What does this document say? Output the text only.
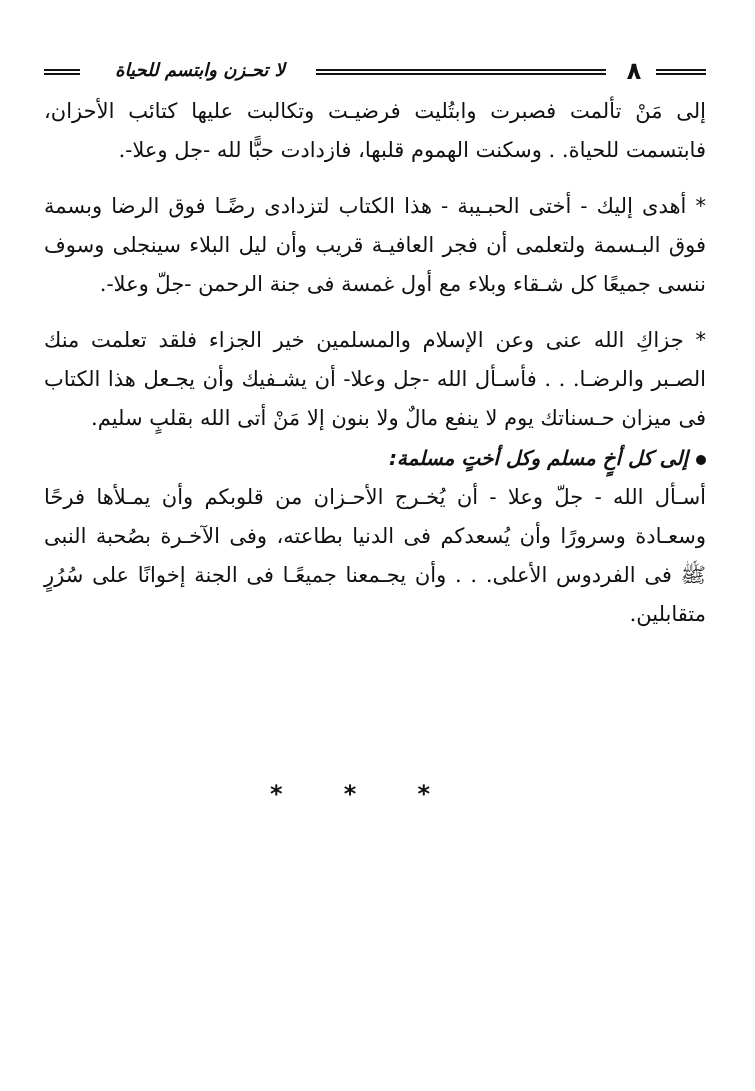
لا تحـزن وابتسم للحياة	٨

إلى مَنْ تألمت فصبرت وابتُليت فرضيـت وتكالبت عليها كتائب الأحزان، فابتسمت للحياة. . وسكنت الهموم قلبها، فازدادت حبًّا لله -جل وعلا-.

* أهدى إليك - أختى الحبـيبة - هذا الكتاب لتزدادى رضًـا فوق الرضا وبسمة فوق البـسمة ولتعلمى أن فجر العافيـة قريب وأن ليل البلاء سينجلى وسوف ننسى جميعًا كل شـقاء وبلاء مع أول غمسة فى جنة الرحمن -جلّ وعلا-.

* جزاكِ الله عنى وعن الإسلام والمسلمين خير الجزاء فلقد تعلمت منك الصـبر والرضـا. . . فأسـأل الله -جل وعلا- أن يشـفيك وأن يجـعل هذا الكتاب فى ميزان حـسناتك يوم لا ينفع مالٌ ولا بنون إلا مَنْ أتى الله بقلبٍ سليم.

إلى كل أخٍ مسلم وكل أختٍ مسلمة:

أسـأل الله - جلّ وعلا - أن يُخـرج الأحـزان من قلوبكم وأن يمـلأها فرحًا وسعـادة وسرورًا وأن يُسعدكم فى الدنيا بطاعته، وفى الآخـرة بصُحبة النبى ﷺ فى الفردوس الأعلى. . . وأن يجـمعنا جميعًـا فى الجنة إخوانًا على سُرُرٍ متقابلين.

*	*	*
